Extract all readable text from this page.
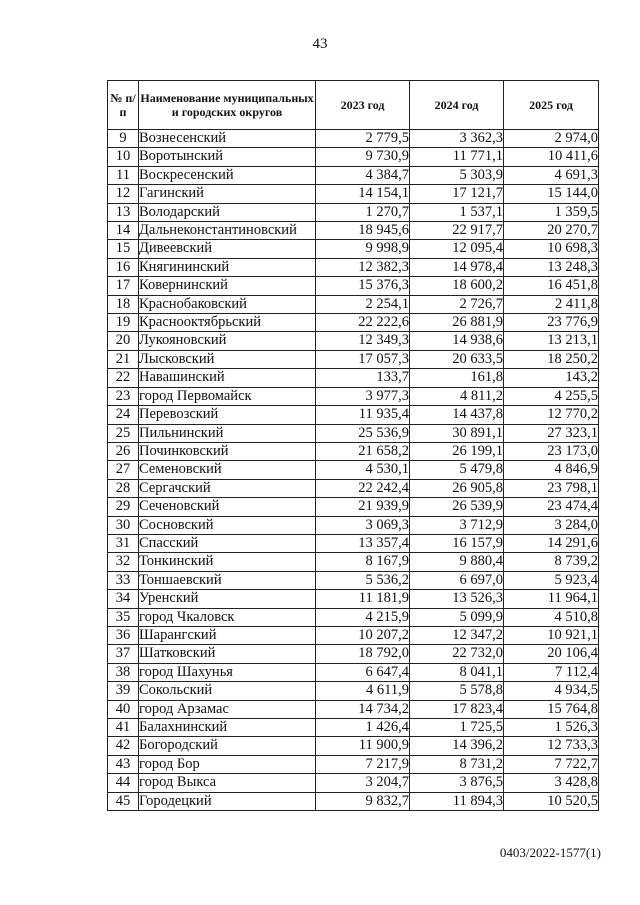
43
№ п/п	Наименование муниципальных и городских округов	2023 год	2024 год	2025 год
9	Вознесенский	2 779,5	3 362,3	2 974,0
10	Воротынский	9 730,9	11 771,1	10 411,6
11	Воскресенский	4 384,7	5 303,9	4 691,3
12	Гагинский	14 154,1	17 121,7	15 144,0
13	Володарский	1 270,7	1 537,1	1 359,5
14	Дальнеконстантиновский	18 945,6	22 917,7	20 270,7
15	Дивеевский	9 998,9	12 095,4	10 698,3
16	Княгининский	12 382,3	14 978,4	13 248,3
17	Ковернинский	15 376,3	18 600,2	16 451,8
18	Краснобаковский	2 254,1	2 726,7	2 411,8
19	Краснооктябрьский	22 222,6	26 881,9	23 776,9
20	Лукояновский	12 349,3	14 938,6	13 213,1
21	Лысковский	17 057,3	20 633,5	18 250,2
22	Навашинский	133,7	161,8	143,2
23	город Первомайск	3 977,3	4 811,2	4 255,5
24	Перевозский	11 935,4	14 437,8	12 770,2
25	Пильнинский	25 536,9	30 891,1	27 323,1
26	Починковский	21 658,2	26 199,1	23 173,0
27	Семеновский	4 530,1	5 479,8	4 846,9
28	Сергачский	22 242,4	26 905,8	23 798,1
29	Сеченовский	21 939,9	26 539,9	23 474,4
30	Сосновский	3 069,3	3 712,9	3 284,0
31	Спасский	13 357,4	16 157,9	14 291,6
32	Тонкинский	8 167,9	9 880,4	8 739,2
33	Тоншаевский	5 536,2	6 697,0	5 923,4
34	Уренский	11 181,9	13 526,3	11 964,1
35	город Чкаловск	4 215,9	5 099,9	4 510,8
36	Шарангский	10 207,2	12 347,2	10 921,1
37	Шатковский	18 792,0	22 732,0	20 106,4
38	город Шахунья	6 647,4	8 041,1	7 112,4
39	Сокольский	4 611,9	5 578,8	4 934,5
40	город Арзамас	14 734,2	17 823,4	15 764,8
41	Балахнинский	1 426,4	1 725,5	1 526,3
42	Богородский	11 900,9	14 396,2	12 733,3
43	город Бор	7 217,9	8 731,2	7 722,7
44	город Выкса	3 204,7	3 876,5	3 428,8
45	Городецкий	9 832,7	11 894,3	10 520,5
0403/2022-1577(1)
